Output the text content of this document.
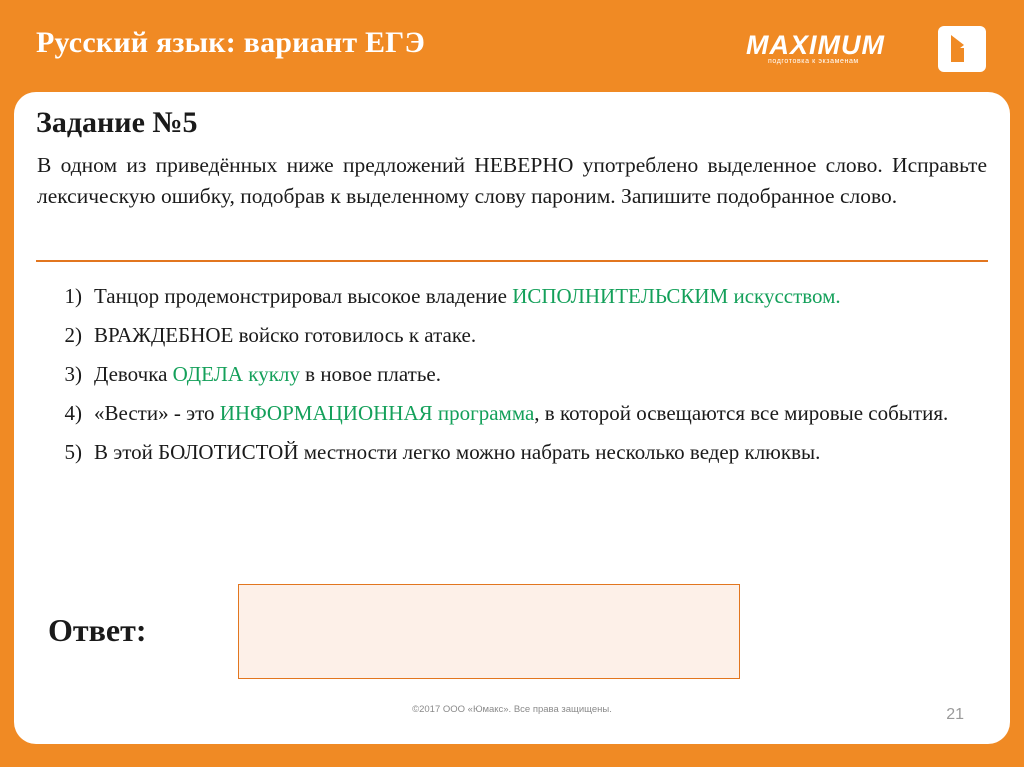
Русский язык: вариант ЕГЭ	MAXIMUM
подготовка к экзаменам
Задание №5
В одном из приведённых ниже предложений НЕВЕРНО употреблено выделенное слово. Исправьте лексическую ошибку, подобрав к выделенному слову пароним. Запишите подобранное слово.
1) Танцор продемонстрировал высокое владение ИСПОЛНИТЕЛЬСКИМ искусством.
2) ВРАЖДЕБНОЕ войско готовилось к атаке.
3) Девочка ОДЕЛА куклу в новое платье.
4) «Вести» - это ИНФОРМАЦИОННАЯ программа, в которой освещаются все мировые события.
5) В этой БОЛОТИСТОЙ местности легко можно набрать несколько ведер клюквы.
Ответ:
©2017 ООО «Юмакс». Все права защищены.	21
